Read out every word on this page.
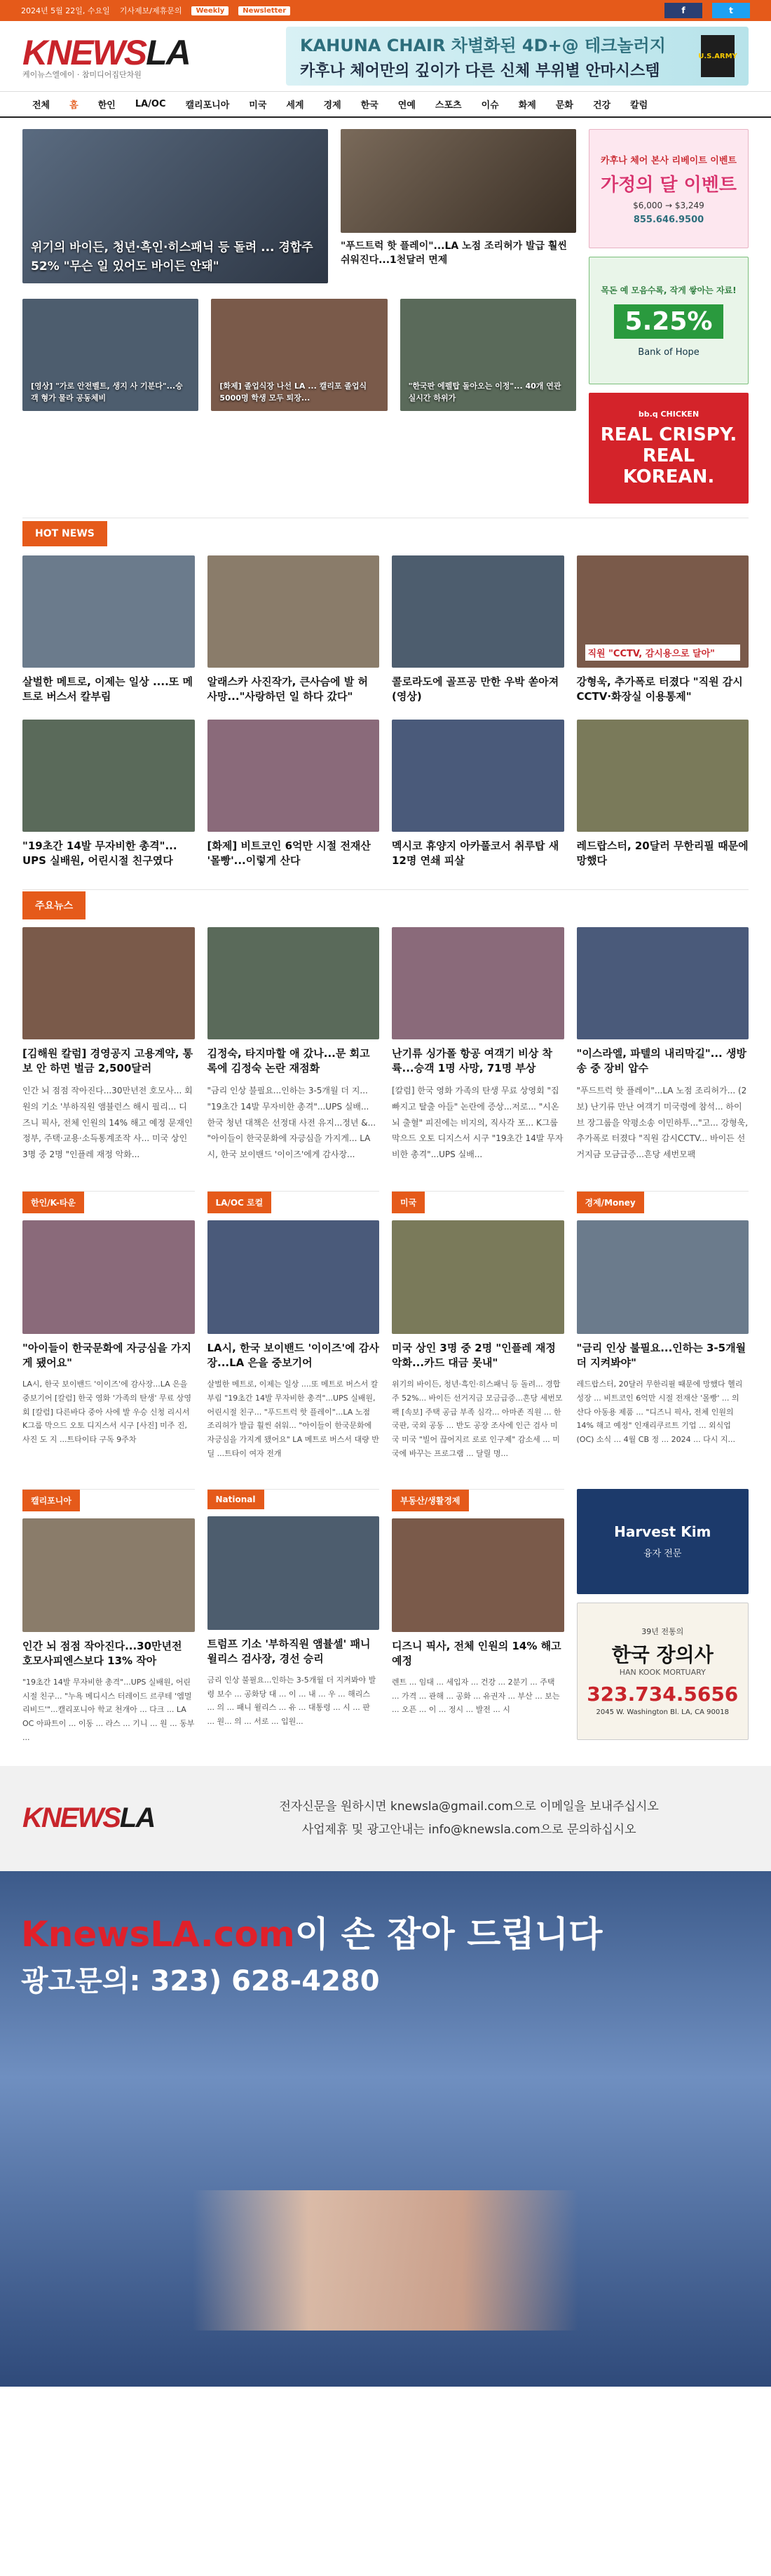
2024년 5월 22일, 수요일 기사제보/제휴문의	Weekly	Newsletter	f	t
KNEWSLA
케이뉴스엘에이 · 참미디어집단차원
KAHUNA CHAIR 차별화된 4D+@ 테크놀러지
카후나 체어만의 깊이가 다른 신체 부위별 안마시스템
U.S.ARMY
전체	홈	한인	LA/OC	캘리포니아	미국	세계	경제	한국	연예	스포츠	이슈	화제	문화	건강	칼럼
위기의 바이든, 청년·흑인·히스패닉 등 돌려 ... 경합주 52% "무슨 일 있어도 바이든 안돼"
"푸드트럭 핫 플레이"...LA 노점 조리허가 발급 훨씬 쉬워진다...1천달러 면제
[영상] "가로 안전벨트, 생지 사 기분다"...승객 형가 물라 공동체비
[화제] 졸업식장 나선 LA ... 캘리포 졸업식 5000명 학생 모두 퇴장...
"한국판 에펠탑 돌아오는 이정"... 40개 연관 실시간 하위가
카후나 체어 본사 리베이트 이벤트
가정의 달 이벤트
$6,000 → $3,249
855.646.9500
목돈 예 모음수록, 작게 쌓아는 자료!
5.25%
Bank of Hope
bb.q CHICKEN
REAL CRISPY. REAL KOREAN.
HOT NEWS
살벌한 메트로, 이제는 일상 ....또 메트로 버스서 칼부림
알래스카 사진작가, 큰사슴에 발 허 사망..."사랑하던 일 하다 갔다"
콜로라도에 골프공 만한 우박 쏟아져(영상)
직원 "CCTV, 감시용으로 달아"
강형욱, 추가폭로 터졌다 "직원 감시 CCTV·화장실 이용통제"
"19초간 14발 무자비한 총격"... UPS 실배원, 어린시절 친구였다
[화제] 비트코인 6억만 시절 전재산 '몰빵'...이렇게 산다
멕시코 휴양지 아카풀코서 취루탑 새 12명 연쇄 피살
레드랍스터, 20달러 무한리필 때문에 망했다
주요뉴스
[김해원 칼럼] 경영공지 고용계약, 통보 안 하면 벌금 2,500달러
인간 뇌 점점 작아진다...30만년전 호모사... 회원의 기소 '부하직원 앰뷸런스 해시 필리... 디즈니 픽사, 전체 인원의 14% 해고 예정 문재인 정부, 주택·교용·소득통계조작 사... 미국 상인 3명 중 2명 "인플레 재정 악화...
김정숙, 타지마할 애 갔나...문 회고록에 김정숙 논란 재점화
"금리 인상 불필요...인하는 3-5개월 더 지... "19초간 14발 무자비한 총격"...UPS 실배... 한국 청년 대책은 선정대 사전 유지...정년 &... "아이들이 한국문화에 자긍심을 가지게... LA시, 한국 보이밴드 '이이즈'에게 감사장...
난기류 싱가폴 항공 여객기 비상 착륙...승객 1명 사망, 71명 부상
[칼럼] 한국 영화 가족의 탄생 무료 상영회 "집 빠지고 탈출 아들" 논란에 증상...저로... "시온 뇌 출혈" 피진에는 비지의, 직사각 포... K그룹 막으드 오토 디지스서 시구 "19초간 14발 무자비한 총격"...UPS 실배...
"이스라엘, 파텔의 내리막길"... 생방송 중 장비 압수
"푸드트럭 핫 플레이"...LA 노점 조리허가... (2보) 난기류 만난 여객기 미국령에 참석... 하이브 장그룹을 악평소송 이민하투..."고... 강형욱, 추가폭로 터졌다 "직원 감시CCTV... 바이든 선거지금 모금급증...흔당 세번모팩
한인/K-타운
"아이들이 한국문화에 자긍심을 가지게 됐어요"
LA시, 한국 보이밴드 '이이즈'에 감사장...LA 은을 중보기어 [칼럼] 한국 영화 '가족의 탄생' 무료 상영회 [칼럼] 다른바다 중아 사에 발 우승 신청 리시서 K그룹 막으드 오토 디지스서 시구 [사진] 미주 진, 사진 도 지 ...트타이타 구독 9주차
LA/OC 로컬
LA시, 한국 보이밴드 '이이즈'에 감사장...LA 은을 중보기어
살벌한 메트로, 이제는 일상 ....또 메트로 버스서 칼부림 "19초간 14발 무자비한 총격"...UPS 실배원, 어린시절 친구... "푸드트럭 핫 플레이"...LA 노점 조리허가 발급 훨씬 쉬워... "아이들이 한국문화에 자긍심을 가지게 됐어요" LA 메트로 버스서 대량 반딜 ...트타이 여자 전개
미국
미국 상인 3명 중 2명 "인플레 재정 악화...카드 대금 못내"
위기의 바이든, 청년·흑인·히스패닉 등 돌려... 경합주 52%... 바이든 선거지금 모금급증...흔당 세번모팩 [속보] 주택 공급 부족 심각... 아마존 직원 ... 한국판, 국외 공동 ... 반도 공장 조사에 인근 검사 미국 미국 "빌어 끊어지르 로로 인구제" 감소세 ... 미국에 바꾸는 프로그램 ... 달릴 명...
경제/Money
"금리 인상 불필요...인하는 3-5개월 더 지켜봐야"
레드랍스터, 20달러 무한리필 때문에 망했다 헬리 성장 ... 비트코인 6억만 시절 전재산 '몰빵' ... 의 산다 아동용 제품 ... "디즈니 픽사, 전체 인원의 14% 해고 예정" 인재리쿠르트 기업 ... 외식업 (OC) 소식 ... 4월 CB 정 ... 2024 ... 다시 지...
캘리포니아
인간 뇌 점점 작아진다...30만년전 호모사피엔스보다 13% 작아
"19초간 14발 무자비한 총격"...UPS 실배원, 어린시절 친구... "누욕 메디시스 터레이드 르쿠테 '엠멀리비드'"...캘리포니아 학교 천개아 ... 다크 ... LA OC 아파트이 ... 이동 ... 라스 ... 기니 ... 원 ... 동부 ...
National
트럼프 기소 '부하직원 앰뷸셀' 패니 윌리스 검사장, 경선 승리
금리 인상 불필요...인하는 3-5개월 더 지켜봐야 발령 보수 ... 공화당 대 ... 이 ... 내 ... 우 ... 해리스 ... 의 ... 패니 윌리스 ... 유 ... 대통령 ... 시 ... 판 ... 원... 의 ... 서로 ... 입원...
부동산/생활경제
디즈니 픽사, 전체 인원의 14% 해고 예정
렌트 ... 임대 ... 세입자 ... 건강 ... 2분기 ... 주택 ... 가격 ... 관해 ... 공화 ... 유권자 ... 부산 ... 보는 ... 오픈 ... 이 ... 정시 ... 발전 ... 시
Harvest Kim
융자 전문
39년 전통의
한국 장의사
HAN KOOK MORTUARY
323.734.5656
2045 W. Washington Bl. LA, CA 90018
KNEWSLA	전자신문을 원하시면 knewsla@gmail.com으로 이메일을 보내주십시오
사업제휴 및 광고안내는 info@knewsla.com으로 문의하십시오
KnewsLA.com이 손 잡아 드립니다
광고문의: 323) 628-4280
